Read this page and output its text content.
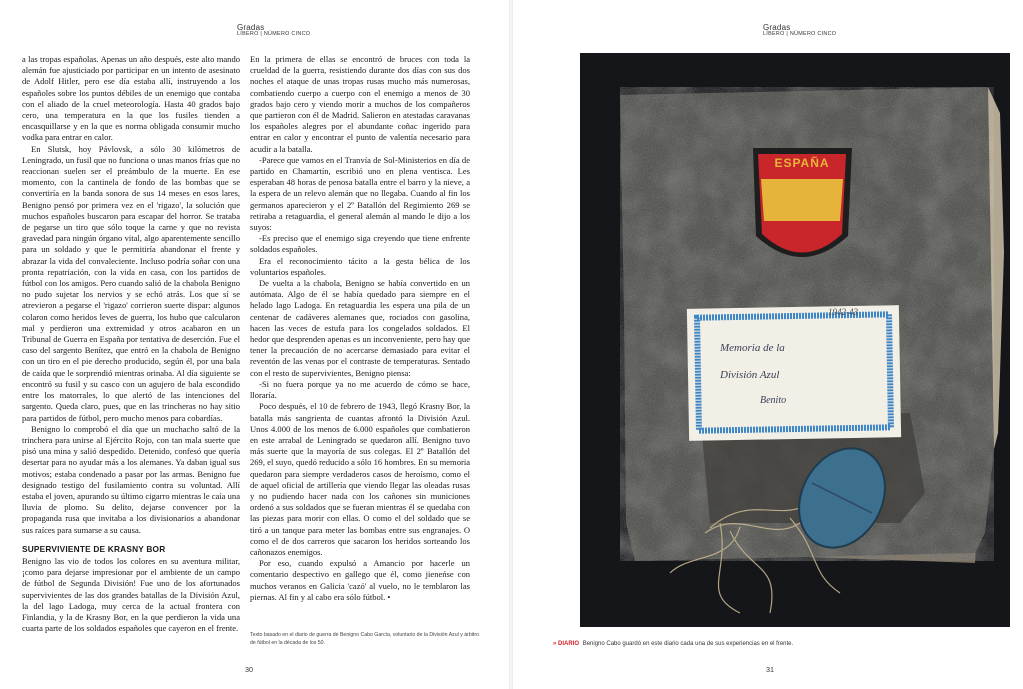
Gradas
LÍBERO | NÚMERO CINCO

a las tropas españolas. Apenas un año después, este alto mando alemán fue ajusticiado por participar en un intento de asesinato de Adolf Hitler, pero ese día estaba allí, instruyendo a los españoles sobre los puntos débiles de un enemigo que contaba con el aliado de la cruel meteorología. Hasta 40 grados bajo cero, una temperatura en la que los fusiles tienden a encasquillarse y en la que es norma obligada consumir mucho vodka para entrar en calor.

En Slutsk, hoy Pávlovsk, a sólo 30 kilómetros de Leningrado, un fusil que no funciona o unas manos frías que no reaccionan suelen ser el preámbulo de la muerte. En ese momento, con la cantinela de fondo de las bombas que se convertiría en la banda sonora de sus 14 meses en esos lares, Benigno pensó por primera vez en el 'rigazo', la solución que muchos españoles buscaron para escapar del horror. Se trataba de pegarse un tiro que sólo toque la carne y que no revista gravedad para ningún órgano vital, algo aparentemente sencillo para un soldado y que le permitiría abandonar el frente y abrazar la vida del convaleciente. Incluso podría soñar con una pronta repatriación, con la vida en casa, con los partidos de fútbol con los amigos. Pero cuando salió de la chabola Benigno no pudo sujetar los nervios y se echó atrás. Los que sí se atrevieron a pegarse el 'rigazo' corrieron suerte dispar: algunos colaron como heridos leves de guerra, los hubo que calcularon mal y perdieron una extremidad y otros acabaron en un Tribunal de Guerra en España por tentativa de deserción. Fue el caso del sargento Benítez, que entró en la chabola de Benigno con un tiro en el pie derecho producido, según él, por una bala de caída que le sorprendió mientras orinaba. Al día siguiente se encontró su fusil y su casco con un agujero de bala escondido entre los matorrales, lo que alertó de las intenciones del sargento. Queda claro, pues, que en las trincheras no hay sitio para partidos de fútbol, pero mucho menos para cobardías.

Benigno lo comprobó el día que un muchacho saltó de la trinchera para unirse al Ejército Rojo, con tan mala suerte que pisó una mina y salió despedido. Detenido, confesó que quería desertar para no ayudar más a los alemanes. Ya daban igual sus motivos; estaba condenado a pasar por las armas. Benigno fue designado testigo del fusilamiento contra su voluntad. Allí estaba el joven, apurando su último cigarro mientras le caía una lluvia de plomo. Su delito, dejarse convencer por la propaganda rusa que invitaba a los divisionarios a abandonar sus raíces para sumarse a su causa.

SUPERVIVIENTE DE KRASNY BOR

Benigno las vio de todos los colores en su aventura militar, ¡como para dejarse impresionar por el ambiente de un campo de fútbol de Segunda División! Fue uno de los afortunados supervivientes de las dos grandes batallas de la División Azul, la del lago Ladoga, muy cerca de la actual frontera con Finlandia, y la de Krasny Bor, en la que perdieron la vida una cuarta parte de los soldados españoles que cayeron en el frente.

En la primera de ellas se encontró de bruces con toda la crueldad de la guerra, resistiendo durante dos días con sus dos noches el ataque de unas tropas rusas mucho más numerosas, combatiendo cuerpo a cuerpo con el enemigo a menos de 30 grados bajo cero y viendo morir a muchos de los compañeros que partieron con él de Madrid. Salieron en atestadas caravanas los españoles alegres por el abundante coñac ingerido para entrar en calor y encontrar el punto de valentía necesario para acudir a la batalla.

-Parece que vamos en el Tranvía de Sol-Ministerios en día de partido en Chamartín, escribió uno en plena ventisca. Les esperaban 48 horas de penosa batalla entre el barro y la nieve, a la espera de un relevo alemán que no llegaba. Cuando al fin los germanos aparecieron y el 2º Batallón del Regimiento 269 se retiraba a retaguardia, el general alemán al mando le dijo a los suyos:

-Es preciso que el enemigo siga creyendo que tiene enfrente soldados españoles.

Era el reconocimiento tácito a la gesta bélica de los voluntarios españoles.

De vuelta a la chabola, Benigno se había convertido en un autómata. Algo de él se había quedado para siempre en el helado lago Ladoga. En retaguardia les espera una pila de un centenar de cadáveres alemanes que, rociados con gasolina, hacen las veces de estufa para los congelados soldados. El hedor que desprenden apenas es un inconveniente, pero hay que tener la precaución de no acercarse demasiado para evitar el reventón de las venas por el contraste de temperaturas. Sentado con el resto de supervivientes, Benigno piensa:

-Si no fuera porque ya no me acuerdo de cómo se hace, lloraría.

Poco después, el 10 de febrero de 1943, llegó Krasny Bor, la batalla más sangrienta de cuantas afrontó la División Azul. Unos 4.000 de los menos de 6.000 españoles que combatieron en este arrabal de Leningrado se quedaron allí. Benigno tuvo más suerte que la mayoría de sus colegas. El 2º Batallón del 269, el suyo, quedó reducido a sólo 16 hombres. En su memoria quedaron para siempre verdaderos casos de heroísmo, como el de aquel oficial de artillería que viendo llegar las oleadas rusas y no pudiendo hacer nada con los cañones sin municiones ordenó a sus soldados que se fueran mientras él se quedaba con las piezas para morir con ellas. O como el del soldado que se tiró a un tanque para meter las bombas entre sus engranajes. O como el de dos carreros que sacaron los heridos sorteando los cañonazos enemigos.

Por eso, cuando expulsó a Amancio por hacerle un comentario despectivo en gallego que él, como jieneńse con muchos veranos en Galicia 'cazó' al vuelo, no le temblaron las piernas. Al fin y al cabo era sólo fútbol. •

Texto basado en el diario de guerra de Benigno Cabo García, voluntario de la División Azul y árbitro de fútbol en la década de los 50.
30
Gradas
LÍBERO | NÚMERO CINCO
ESPAÑA
1942-43
Memoria de la
División Azul
Benito
» DIARIO Benigno Cabo guardó en este diario cada una de sus experiencias en el frente.
31
